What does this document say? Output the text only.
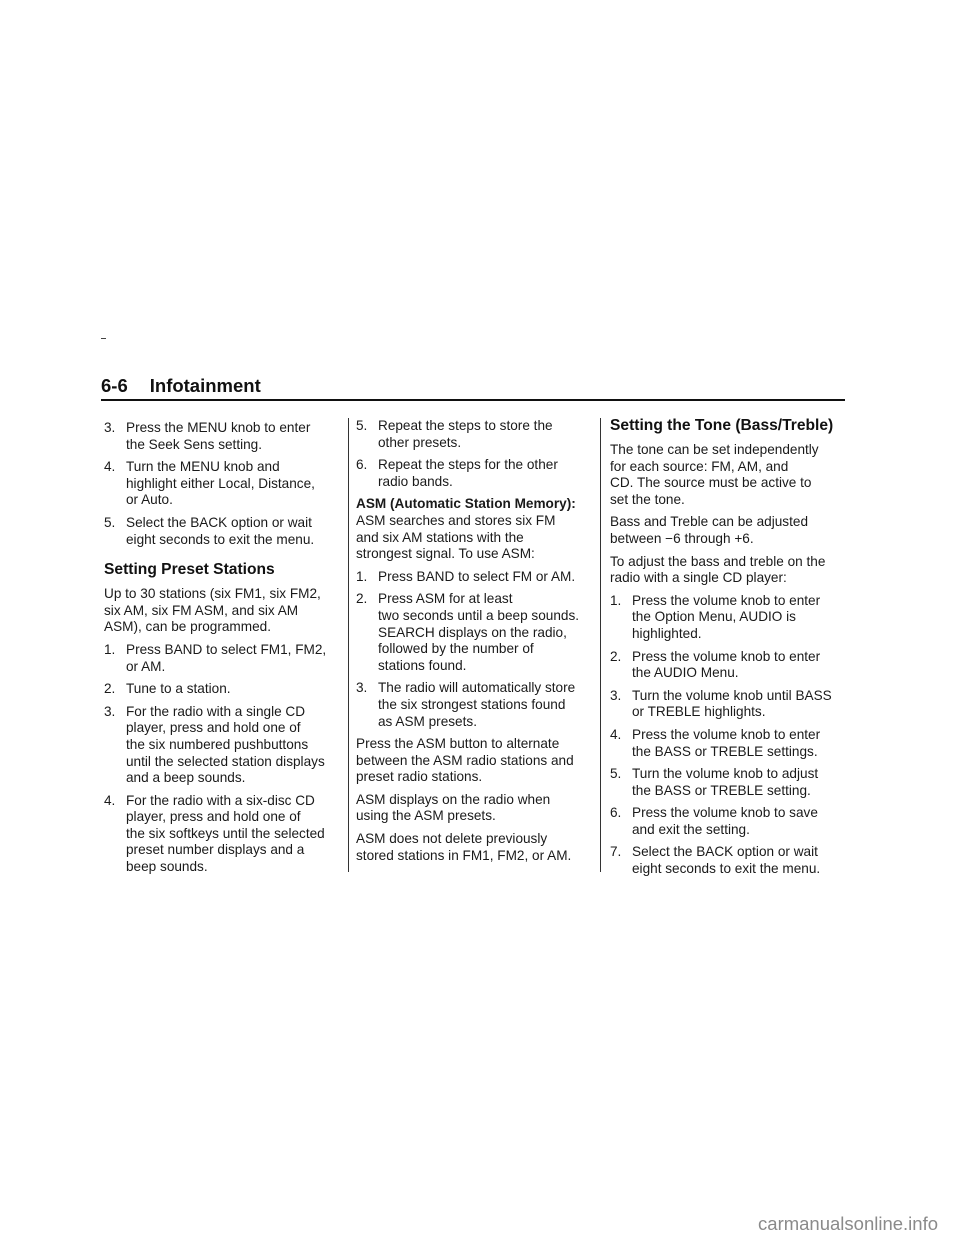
6-6 Infotainment

3. Press the MENU knob to enter
the Seek Sens setting.

4. Turn the MENU knob and
highlight either Local, Distance,
or Auto.

5. Select the BACK option or wait
eight seconds to exit the menu.

Setting Preset Stations

Up to 30 stations (six FM1, six FM2,
six AM, six FM ASM, and six AM
ASM), can be programmed.

1. Press BAND to select FM1, FM2,
or AM.

2. Tune to a station.

3. For the radio with a single CD
player, press and hold one of
the six numbered pushbuttons
until the selected station displays
and a beep sounds.

4. For the radio with a six-disc CD
player, press and hold one of
the six softkeys until the selected
preset number displays and a
beep sounds.

5. Repeat the steps to store the
other presets.

6. Repeat the steps for the other
radio bands.

ASM (Automatic Station Memory):
ASM searches and stores six FM
and six AM stations with the
strongest signal. To use ASM:

1. Press BAND to select FM or AM.

2. Press ASM for at least
two seconds until a beep sounds.
SEARCH displays on the radio,
followed by the number of
stations found.

3. The radio will automatically store
the six strongest stations found
as ASM presets.

Press the ASM button to alternate
between the ASM radio stations and
preset radio stations.

ASM displays on the radio when
using the ASM presets.

ASM does not delete previously
stored stations in FM1, FM2, or AM.

Setting the Tone (Bass/Treble)

The tone can be set independently
for each source: FM, AM, and
CD. The source must be active to
set the tone.

Bass and Treble can be adjusted
between −6 through +6.

To adjust the bass and treble on the
radio with a single CD player:

1. Press the volume knob to enter
the Option Menu, AUDIO is
highlighted.

2. Press the volume knob to enter
the AUDIO Menu.

3. Turn the volume knob until BASS
or TREBLE highlights.

4. Press the volume knob to enter
the BASS or TREBLE settings.

5. Turn the volume knob to adjust
the BASS or TREBLE setting.

6. Press the volume knob to save
and exit the setting.

7. Select the BACK option or wait
eight seconds to exit the menu.

carmanualsonline.info
